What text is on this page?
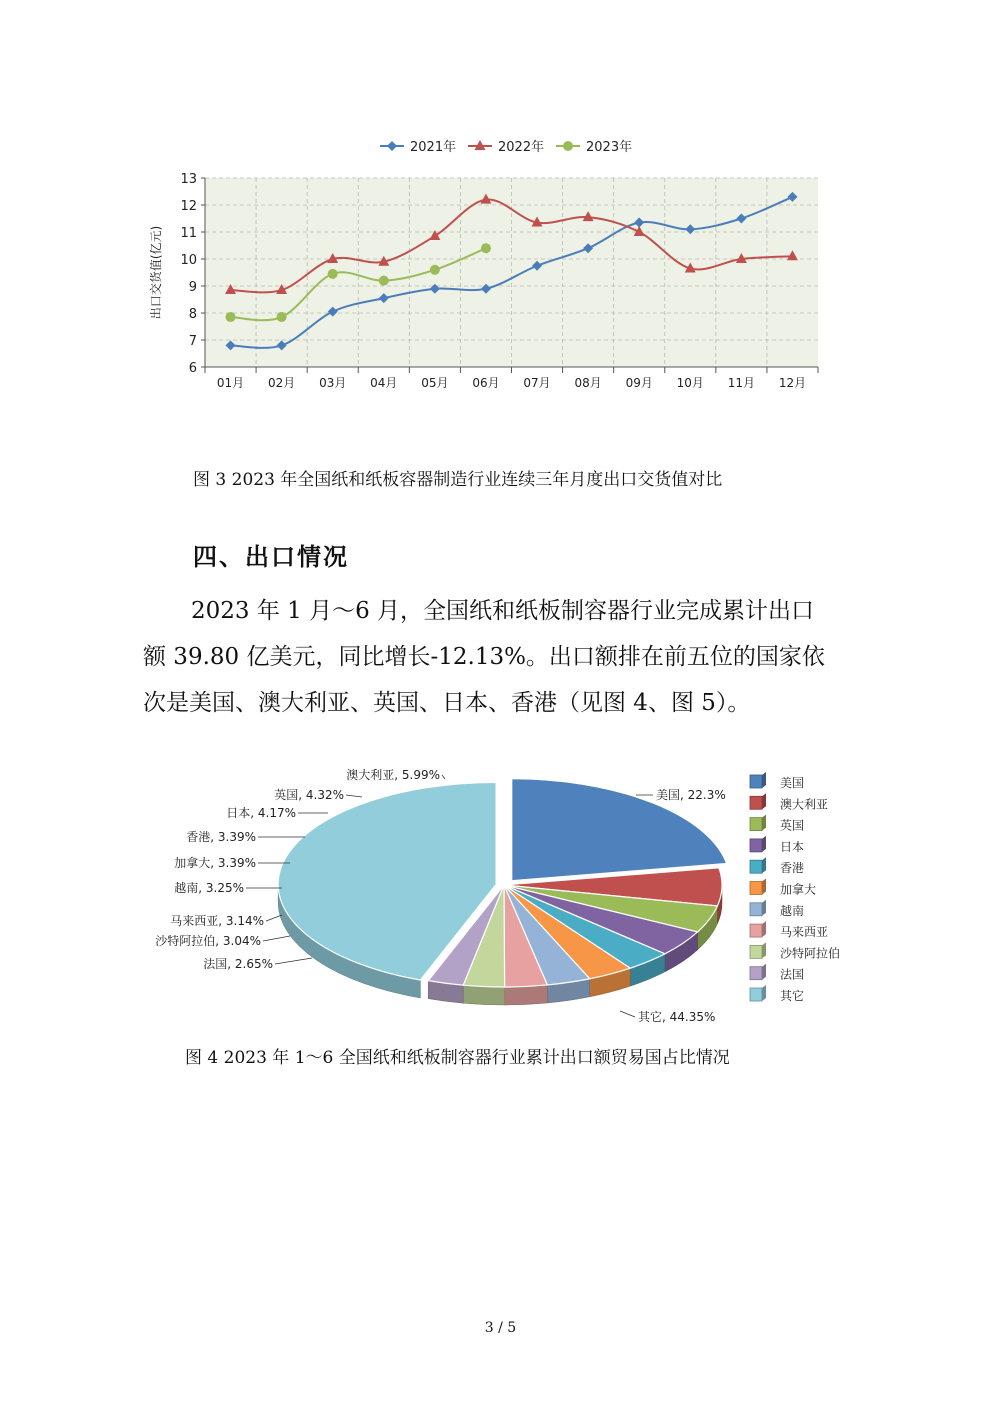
6
7
8
9
10
11
12
13
01月 02月 03月 04月 05月 06月 07月 08月 09月 10月 11月 12月
出口交货值(亿元)
2021年	2022年	2023年
图 3 2023 年全国纸和纸板容器制造行业连续三年月度出口交货值对比
四、出口情况
2023 年 1 月～6 月，全国纸和纸板制容器行业完成累计出口
额 39.80 亿美元，同比增长-12.13%。出口额排在前五位的国家依
次是美国、澳大利亚、英国、日本、香港（见图 4、图 5）。
美国, 22.3%
澳大利亚, 5.99%
英国, 4.32%
日本, 4.17%
香港, 3.39%
加拿大, 3.39%
越南, 3.25%
马来西亚, 3.14%
沙特阿拉伯, 3.04%
法国, 2.65%
其它, 44.35%
美国
澳大利亚
英国
日本
香港
加拿大
越南
马来西亚
沙特阿拉伯
法国
其它
图 4 2023 年 1～6 全国纸和纸板制容器行业累计出口额贸易国占比情况
3 / 5
